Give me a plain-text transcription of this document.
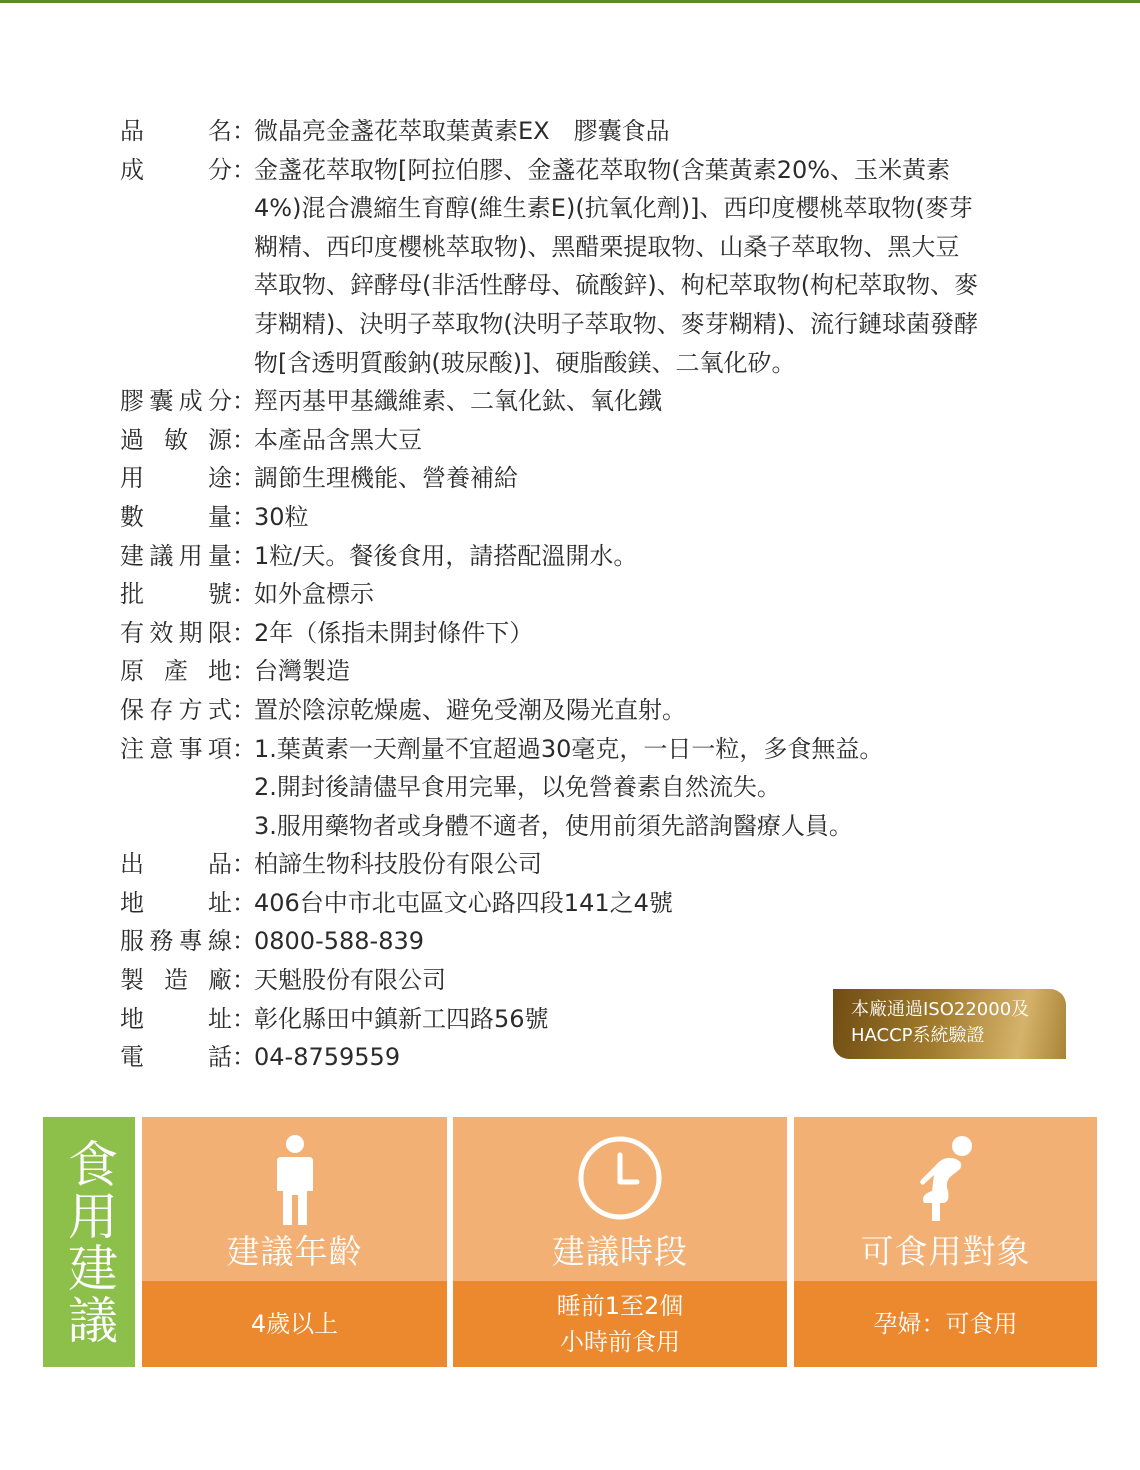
品	名 ：
微晶亮金盞花萃取葉黃素EX　膠囊食品
成	分 ：
金盞花萃取物[阿拉伯膠、金盞花萃取物(含葉黃素20%、玉米黃素
4%)混合濃縮生育醇(維生素E)(抗氧化劑)]、西印度櫻桃萃取物(麥芽
糊精、西印度櫻桃萃取物)、黑醋栗提取物、山桑子萃取物、黑大豆
萃取物、鋅酵母(非活性酵母、硫酸鋅)、枸杞萃取物(枸杞萃取物、麥
芽糊精)、決明子萃取物(決明子萃取物、麥芽糊精)、流行鏈球菌發酵
物[含透明質酸鈉(玻尿酸)]、硬脂酸鎂、二氧化矽。
膠 囊 成 分 ：
羥丙基甲基纖維素、二氧化鈦、氧化鐵
過 敏 源 ：
本產品含黑大豆
用	途 ：
調節生理機能、營養補給
數	量 ：
30粒
建 議 用 量 ：
1粒/天。餐後食用，請搭配溫開水。
批	號 ：
如外盒標示
有 效 期 限 ：
2年（係指未開封條件下）
原 產 地 ：
台灣製造
保 存 方 式 ：
置於陰涼乾燥處、避免受潮及陽光直射。
注 意 事 項 ：
1.葉黃素一天劑量不宜超過30毫克，一日一粒，多食無益。
2.開封後請儘早食用完畢，以免營養素自然流失。
3.服用藥物者或身體不適者，使用前須先諮詢醫療人員。
出	品 ：
柏諦生物科技股份有限公司
地	址 ：
406台中市北屯區文心路四段141之4號
服 務 專 線 ：
0800-588-839
製 造 廠 ：
天魁股份有限公司
地	址 ：
彰化縣田中鎮新工四路56號
電	話 ：
04-8759559
本廠通過ISO22000及
HACCP系統驗證
食用建議	建議年齡
4歲以上
建議時段
睡前1至2個
小時前食用
可食用對象
孕婦：可食用
